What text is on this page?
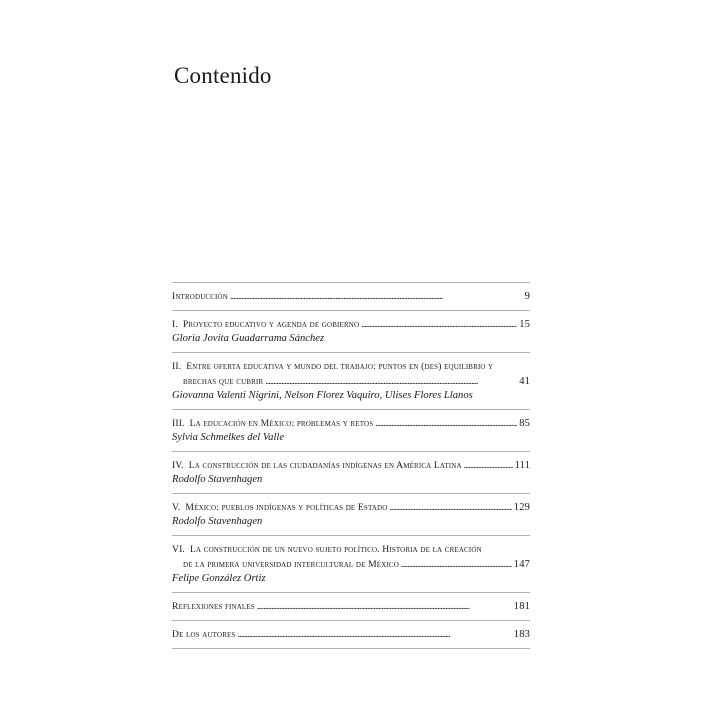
Contenido
Introducción . . .	9
I. Proyecto educativo y agenda de gobierno . . .	15
Gloria Jovita Guadarrama Sánchez
II. Entre oferta educativa y mundo del trabajo: puntos en (des) equilibrio y
brechas que cubrir . . .	41
Giovanna Valenti Nigrini, Nelson Florez Vaquiro, Ulises Flores Llanos
III. La educación en México: problemas y retos . . .	85
Sylvia Schmelkes del Valle
IV. La construcción de las ciudadanías indígenas en América Latina . . .	111
Rodolfo Stavenhagen
V. México: pueblos indígenas y políticas de Estado . . .	129
Rodolfo Stavenhagen
VI. La construcción de un nuevo sujeto político. Historia de la creación
de la primera universidad intercultural de México . . .	147
Felipe González Ortiz
Reflexiones finales . . .	181
De los autores . . .	183
